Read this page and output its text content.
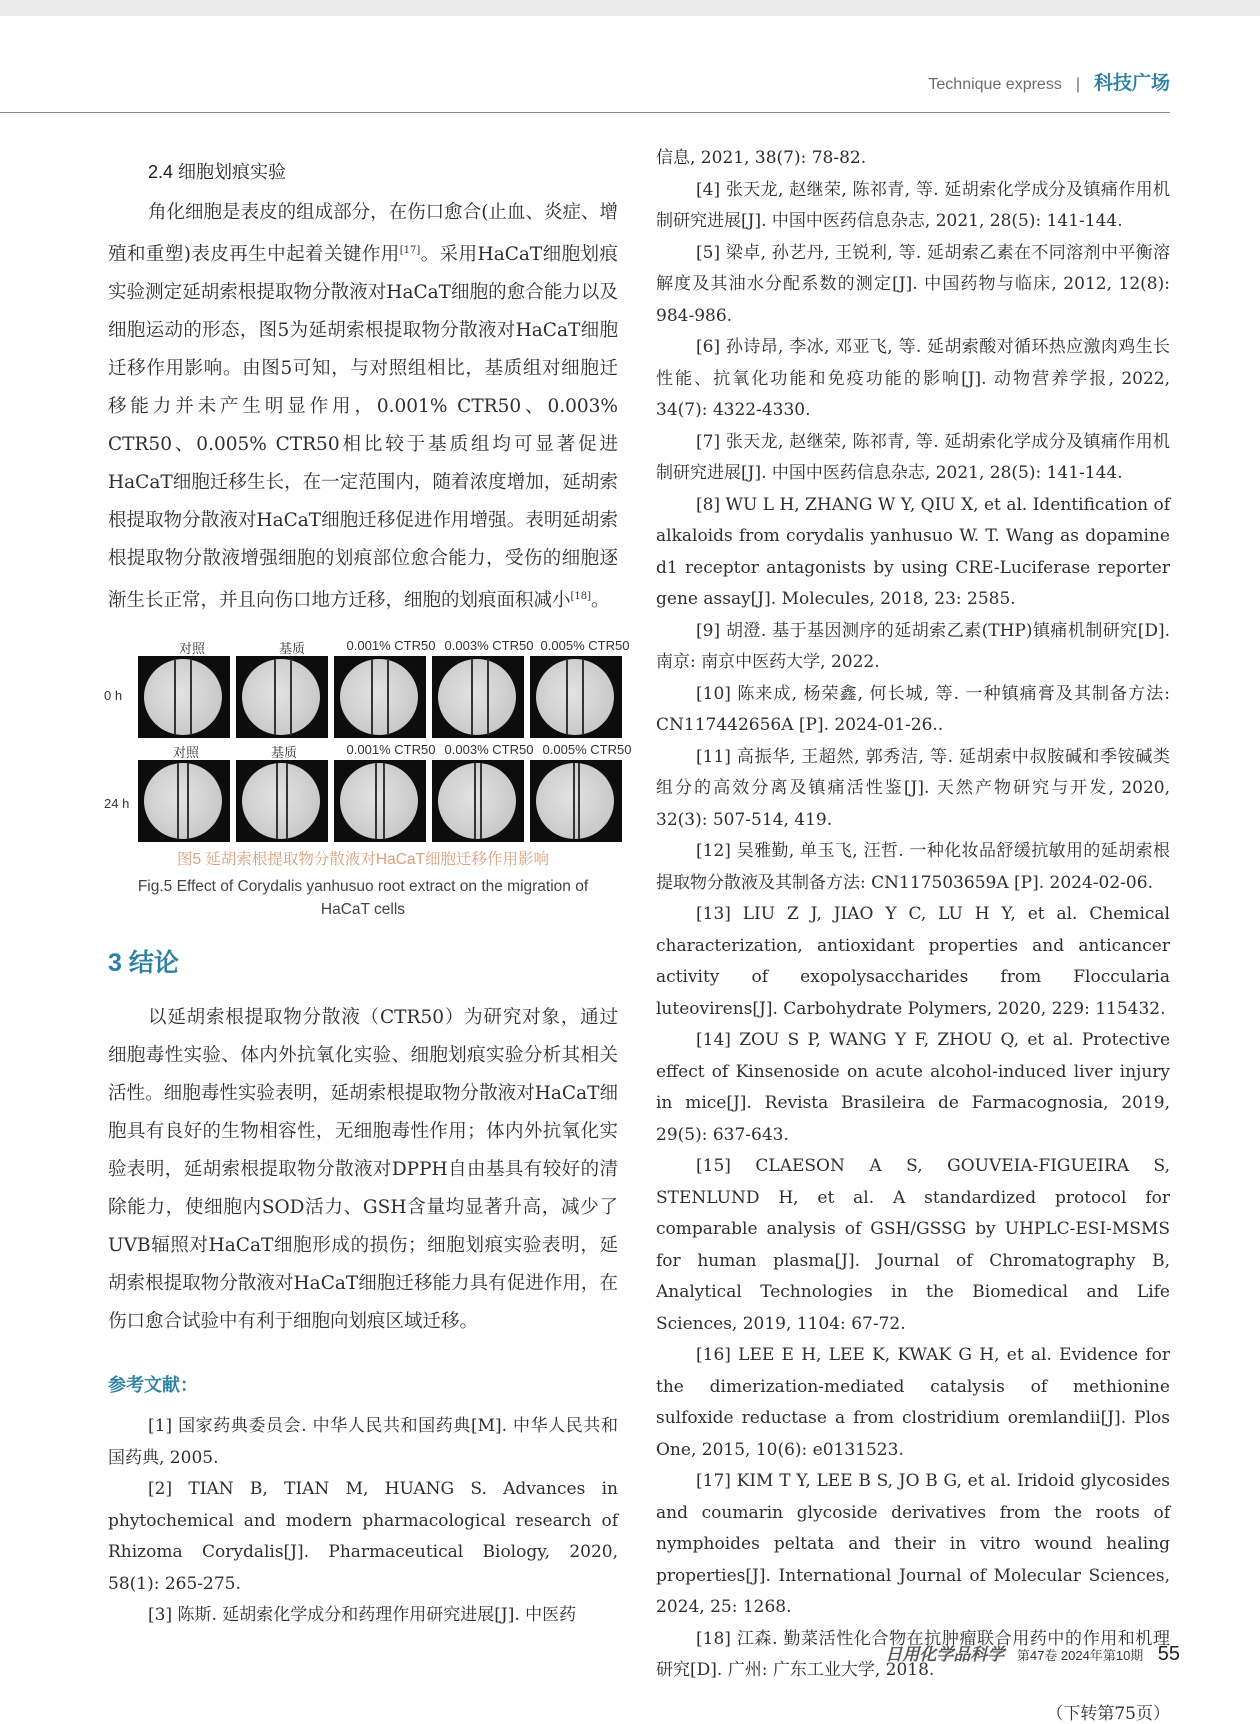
Technique express | 科技广场
2.4 细胞划痕实验

角化细胞是表皮的组成部分，在伤口愈合(止血、炎症、增殖和重塑)表皮再生中起着关键作用[17]。采用HaCaT细胞划痕实验测定延胡索根提取物分散液对HaCaT细胞的愈合能力以及细胞运动的形态，图5为延胡索根提取物分散液对HaCaT细胞迁移作用影响。由图5可知，与对照组相比，基质组对细胞迁移能力并未产生明显作用，0.001% CTR50、0.003% CTR50、0.005% CTR50相比较于基质组均可显著促进HaCaT细胞迁移生长，在一定范围内，随着浓度增加，延胡索根提取物分散液对HaCaT细胞迁移促进作用增强。表明延胡索根提取物分散液增强细胞的划痕部位愈合能力，受伤的细胞逐渐生长正常，并且向伤口地方迁移，细胞的划痕面积减小[18]。

对照	基质	0.001% CTR50 0.003% CTR50 0.005% CTR50
0 h
对照	基质	0.001% CTR50 0.003% CTR50 0.005% CTR50
24 h
图5 延胡索根提取物分散液对HaCaT细胞迁移作用影响
Fig.5 Effect of Corydalis yanhusuo root extract on the migration of
HaCaT cells
3 结论

以延胡索根提取物分散液（CTR50）为研究对象，通过细胞毒性实验、体内外抗氧化实验、细胞划痕实验分析其相关活性。细胞毒性实验表明，延胡索根提取物分散液对HaCaT细胞具有良好的生物相容性，无细胞毒性作用；体内外抗氧化实验表明，延胡索根提取物分散液对DPPH自由基具有较好的清除能力，使细胞内SOD活力、GSH含量均显著升高，减少了UVB辐照对HaCaT细胞形成的损伤；细胞划痕实验表明，延胡索根提取物分散液对HaCaT细胞迁移能力具有促进作用，在伤口愈合试验中有利于细胞向划痕区域迁移。

参考文献：

[1] 国家药典委员会. 中华人民共和国药典[M]. 中华人民共和国药典, 2005.

[2] TIAN B, TIAN M, HUANG S. Advances in phytochemical and modern pharmacological research of Rhizoma Corydalis[J]. Pharmaceutical Biology, 2020, 58(1): 265-275.

[3] 陈斯. 延胡索化学成分和药理作用研究进展[J]. 中医药

信息, 2021, 38(7): 78-82.

[4] 张天龙, 赵继荣, 陈祁青, 等. 延胡索化学成分及镇痛作用机制研究进展[J]. 中国中医药信息杂志, 2021, 28(5): 141-144.

[5] 梁卓, 孙艺丹, 王锐利, 等. 延胡索乙素在不同溶剂中平衡溶解度及其油水分配系数的测定[J]. 中国药物与临床, 2012, 12(8): 984-986.

[6] 孙诗昂, 李冰, 邓亚飞, 等. 延胡索酸对循环热应激肉鸡生长性能、抗氧化功能和免疫功能的影响[J]. 动物营养学报, 2022, 34(7): 4322-4330.

[7] 张天龙, 赵继荣, 陈祁青, 等. 延胡索化学成分及镇痛作用机制研究进展[J]. 中国中医药信息杂志, 2021, 28(5): 141-144.

[8] WU L H, ZHANG W Y, QIU X, et al. Identification of alkaloids from corydalis yanhusuo W. T. Wang as dopamine d1 receptor antagonists by using CRE-Luciferase reporter gene assay[J]. Molecules, 2018, 23: 2585.

[9] 胡澄. 基于基因测序的延胡索乙素(THP)镇痛机制研究[D]. 南京: 南京中医药大学, 2022.

[10] 陈来成, 杨荣鑫, 何长城, 等. 一种镇痛膏及其制备方法: CN117442656A [P]. 2024-01-26..

[11] 高振华, 王超然, 郭秀洁, 等. 延胡索中叔胺碱和季铵碱类组分的高效分离及镇痛活性鉴[J]. 天然产物研究与开发, 2020, 32(3): 507-514, 419.

[12] 吴雅勤, 单玉飞, 汪哲. 一种化妆品舒缓抗敏用的延胡索根提取物分散液及其制备方法: CN117503659A [P]. 2024-02-06.

[13] LIU Z J, JIAO Y C, LU H Y, et al. Chemical characterization, antioxidant properties and anticancer activity of exopolysaccharides from Floccularia luteovirens[J]. Carbohydrate Polymers, 2020, 229: 115432.

[14] ZOU S P, WANG Y F, ZHOU Q, et al. Protective effect of Kinsenoside on acute alcohol-induced liver injury in mice[J]. Revista Brasileira de Farmacognosia, 2019, 29(5): 637-643.

[15] CLAESON A S, GOUVEIA-FIGUEIRA S, STENLUND H, et al. A standardized protocol for comparable analysis of GSH/GSSG by UHPLC-ESI-MSMS for human plasma[J]. Journal of Chromatography B, Analytical Technologies in the Biomedical and Life Sciences, 2019, 1104: 67-72.

[16] LEE E H, LEE K, KWAK G H, et al. Evidence for the dimerization-mediated catalysis of methionine sulfoxide reductase a from clostridium oremlandii[J]. Plos One, 2015, 10(6): e0131523.

[17] KIM T Y, LEE B S, JO B G, et al. Iridoid glycosides and coumarin glycoside derivatives from the roots of nymphoides peltata and their in vitro wound healing properties[J]. International Journal of Molecular Sciences, 2024, 25: 1268.

[18] 江森. 勤菜活性化合物在抗肿瘤联合用药中的作用和机理研究[D]. 广州: 广东工业大学, 2018.

（下转第75页）
日用化学品科学 第47卷 2024年第10期 55
